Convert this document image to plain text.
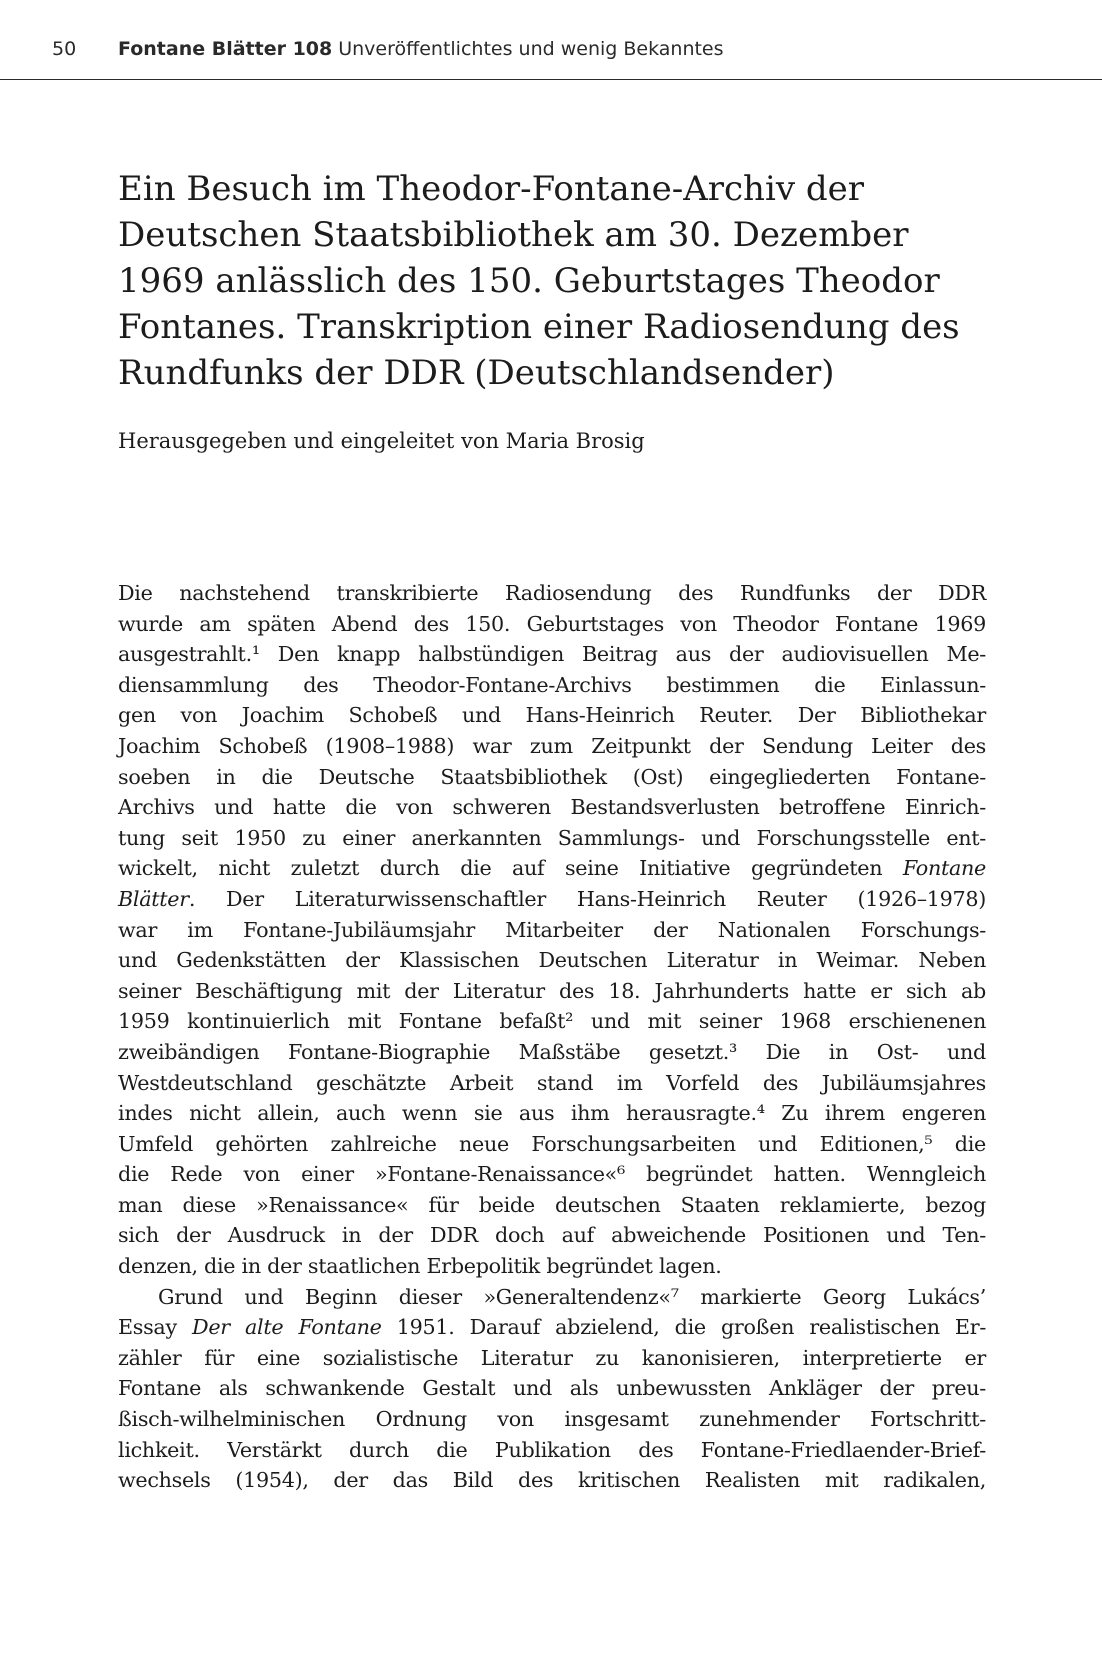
50 Fontane Blätter 108 Unveröffentlichtes und wenig Bekanntes
Ein Besuch im Theodor-Fontane-Archiv der
Deutschen Staatsbibliothek am 30. Dezember
1969 anlässlich des 150. Geburtstages Theodor
Fontanes. Transkription einer Radiosendung des
Rundfunks der DDR (Deutschlandsender)

Herausgegeben und eingeleitet von Maria Brosig

Die nachstehend transkribierte Radiosendung des Rundfunks der DDR
wurde am späten Abend des 150. Geburtstages von Theodor Fontane 1969
ausgestrahlt.¹ Den knapp halbstündigen Beitrag aus der audiovisuellen Me-
diensammlung des Theodor-Fontane-Archivs bestimmen die Einlassun-
gen von Joachim Schobeß und Hans-Heinrich Reuter. Der Bibliothekar
Joachim Schobeß (1908–1988) war zum Zeitpunkt der Sendung Leiter des
soeben in die Deutsche Staatsbibliothek (Ost) eingegliederten Fontane-
Archivs und hatte die von schweren Bestandsverlusten betroffene Einrich-
tung seit 1950 zu einer anerkannten Sammlungs- und Forschungsstelle ent-
wickelt, nicht zuletzt durch die auf seine Initiative gegründeten Fontane
Blätter. Der Literaturwissenschaftler Hans-Heinrich Reuter (1926–1978)
war im Fontane-Jubiläumsjahr Mitarbeiter der Nationalen Forschungs-
und Gedenkstätten der Klassischen Deutschen Literatur in Weimar. Neben
seiner Beschäftigung mit der Literatur des 18. Jahrhunderts hatte er sich ab
1959 kontinuierlich mit Fontane befaßt² und mit seiner 1968 erschienenen
zweibändigen Fontane-Biographie Maßstäbe gesetzt.³ Die in Ost- und
Westdeutschland geschätzte Arbeit stand im Vorfeld des Jubiläumsjahres
indes nicht allein, auch wenn sie aus ihm herausragte.⁴ Zu ihrem engeren
Umfeld gehörten zahlreiche neue Forschungsarbeiten und Editionen,⁵ die
die Rede von einer »Fontane-Renaissance«⁶ begründet hatten. Wenngleich
man diese »Renaissance« für beide deutschen Staaten reklamierte, bezog
sich der Ausdruck in der DDR doch auf abweichende Positionen und Ten-
denzen, die in der staatlichen Erbepolitik begründet lagen.
Grund und Beginn dieser »Generaltendenz«⁷ markierte Georg Lukács’
Essay Der alte Fontane 1951. Darauf abzielend, die großen realistischen Er-
zähler für eine sozialistische Literatur zu kanonisieren, interpretierte er
Fontane als schwankende Gestalt und als unbewussten Ankläger der preu-
ßisch-wilhelminischen Ordnung von insgesamt zunehmender Fortschritt-
lichkeit. Verstärkt durch die Publikation des Fontane-Friedlaender-Brief-
wechsels (1954), der das Bild des kritischen Realisten mit radikalen,
